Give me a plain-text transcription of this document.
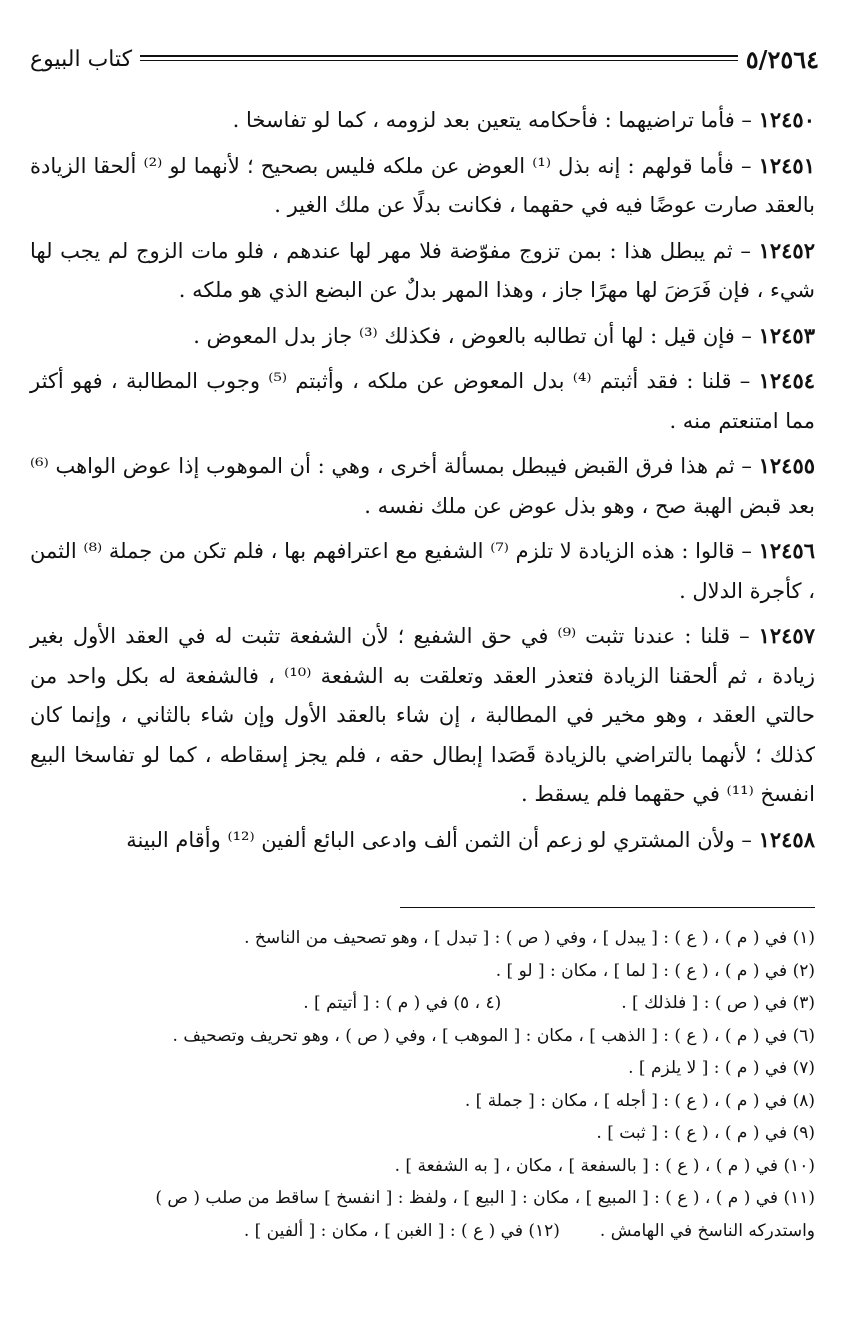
كتاب البيوع	٥/٢٥٦٤

١٢٤٥٠ – فأما تراضيهما : فأحكامه يتعين بعد لزومه ، كما لو تفاسخا .

١٢٤٥١ – فأما قولهم : إنه بذل ⁽¹⁾ العوض عن ملكه فليس بصحيح ؛ لأنهما لو ⁽²⁾ ألحقا الزيادة بالعقد صارت عوضًا فيه في حقهما ، فكانت بدلًا عن ملك الغير .

١٢٤٥٢ – ثم يبطل هذا : بمن تزوج مفوّضة فلا مهر لها عندهم ، فلو مات الزوج لم يجب لها شيء ، فإن فَرَضَ لها مهرًا جاز ، وهذا المهر بدلٌ عن البضع الذي هو ملكه .

١٢٤٥٣ – فإن قيل : لها أن تطالبه بالعوض ، فكذلك ⁽³⁾ جاز بدل المعوض .

١٢٤٥٤ – قلنا : فقد أثبتم ⁽⁴⁾ بدل المعوض عن ملكه ، وأثبتم ⁽⁵⁾ وجوب المطالبة ، فهو أكثر مما امتنعتم منه .

١٢٤٥٥ – ثم هذا فرق القبض فيبطل بمسألة أخرى ، وهي : أن الموهوب إذا عوض الواهب ⁽⁶⁾ بعد قبض الهبة صح ، وهو بذل عوض عن ملك نفسه .

١٢٤٥٦ – قالوا : هذه الزيادة لا تلزم ⁽⁷⁾ الشفيع مع اعترافهم بها ، فلم تكن من جملة ⁽⁸⁾ الثمن ، كأجرة الدلال .

١٢٤٥٧ – قلنا : عندنا تثبت ⁽⁹⁾ في حق الشفيع ؛ لأن الشفعة تثبت له في العقد الأول بغير زيادة ، ثم ألحقنا الزيادة فتعذر العقد وتعلقت به الشفعة ⁽¹⁰⁾ ، فالشفعة له بكل واحد من حالتي العقد ، وهو مخير في المطالبة ، إن شاء بالعقد الأول وإن شاء بالثاني ، وإنما كان كذلك ؛ لأنهما بالتراضي بالزيادة قَصَدا إبطال حقه ، فلم يجز إسقاطه ، كما لو تفاسخا البيع انفسخ ⁽¹¹⁾ في حقهما فلم يسقط .

١٢٤٥٨ – ولأن المشتري لو زعم أن الثمن ألف وادعى البائع ألفين ⁽¹²⁾ وأقام البينة

(١) في ( م ) ، ( ع ) : [ يبدل ] ، وفي ( ص ) : [ تبدل ] ، وهو تصحيف من الناسخ .
(٢) في ( م ) ، ( ع ) : [ لما ] ، مكان : [ لو ] .
(٣) في ( ص ) : [ فلذلك ] .
(٤ ، ٥) في ( م ) : [ أتيتم ] .
(٦) في ( م ) ، ( ع ) : [ الذهب ] ، مكان : [ الموهب ] ، وفي ( ص ) ، وهو تحريف وتصحيف .
(٧) في ( م ) : [ لا يلزم ] .
(٨) في ( م ) ، ( ع ) : [ أجله ] ، مكان : [ جملة ] .
(٩) في ( م ) ، ( ع ) : [ ثبت ] .
(١٠) في ( م ) ، ( ع ) : [ بالسفعة ] ، مكان ، [ به الشفعة ] .
(١١) في ( م ) ، ( ع ) : [ المبيع ] ، مكان : [ البيع ] ، ولفظ : [ انفسخ ] ساقط من صلب ( ص )
واستدركه الناسخ في الهامش .
(١٢) في ( ع ) : [ الغبن ] ، مكان : [ ألفين ] .
